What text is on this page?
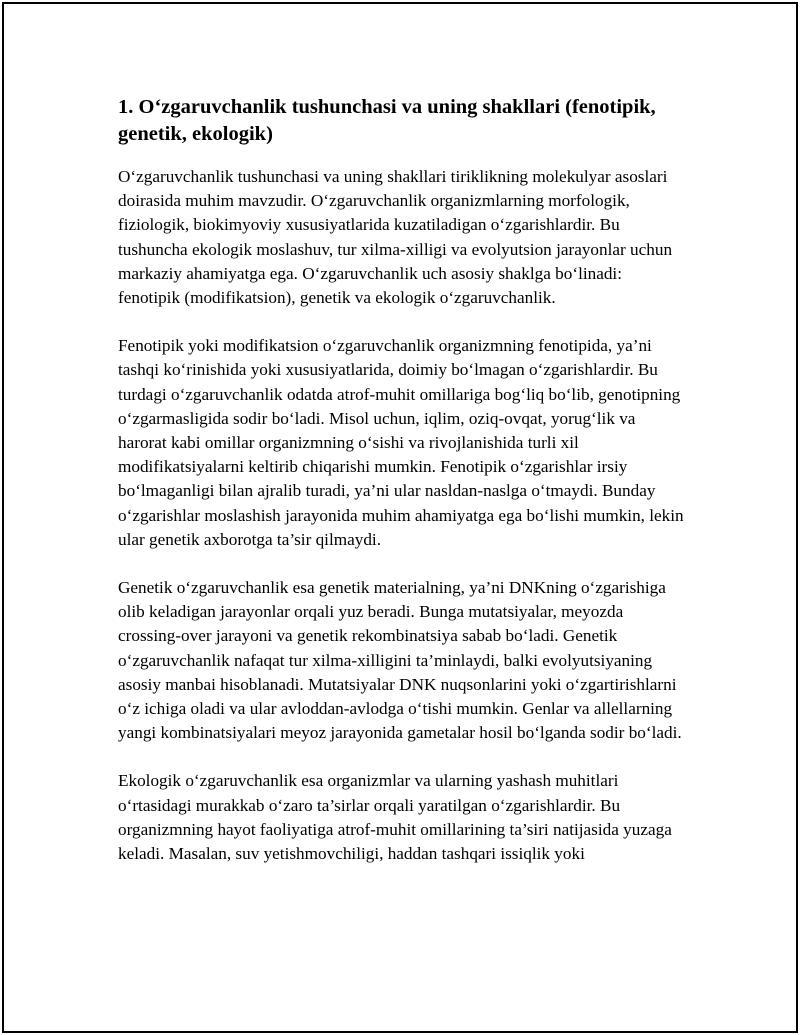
1. O‘zgaruvchanlik tushunchasi va uning shakllari (fenotipik, genetik, ekologik)

O‘zgaruvchanlik tushunchasi va uning shakllari tiriklikning molekulyar asoslari doirasida muhim mavzudir. O‘zgaruvchanlik organizmlarning morfologik, fiziologik, biokimyoviy xususiyatlarida kuzatiladigan o‘zgarishlardir. Bu tushuncha ekologik moslashuv, tur xilma-xilligi va evolyutsion jarayonlar uchun markaziy ahamiyatga ega. O‘zgaruvchanlik uch asosiy shaklga bo‘linadi: fenotipik (modifikatsion), genetik va ekologik o‘zgaruvchanlik.

Fenotipik yoki modifikatsion o‘zgaruvchanlik organizmning fenotipida, ya’ni tashqi ko‘rinishida yoki xususiyatlarida, doimiy bo‘lmagan o‘zgarishlardir. Bu turdagi o‘zgaruvchanlik odatda atrof-muhit omillariga bog‘liq bo‘lib, genotipning o‘zgarmasligida sodir bo‘ladi. Misol uchun, iqlim, oziq-ovqat, yorug‘lik va harorat kabi omillar organizmning o‘sishi va rivojlanishida turli xil modifikatsiyalarni keltirib chiqarishi mumkin. Fenotipik o‘zgarishlar irsiy bo‘lmaganligi bilan ajralib turadi, ya’ni ular nasldan-naslga o‘tmaydi. Bunday o‘zgarishlar moslashish jarayonida muhim ahamiyatga ega bo‘lishi mumkin, lekin ular genetik axborotga ta’sir qilmaydi.

Genetik o‘zgaruvchanlik esa genetik materialning, ya’ni DNKning o‘zgarishiga olib keladigan jarayonlar orqali yuz beradi. Bunga mutatsiyalar, meyozda crossing-over jarayoni va genetik rekombinatsiya sabab bo‘ladi. Genetik o‘zgaruvchanlik nafaqat tur xilma-xilligini ta’minlaydi, balki evolyutsiyaning asosiy manbai hisoblanadi. Mutatsiyalar DNK nuqsonlarini yoki o‘zgartirishlarni o‘z ichiga oladi va ular avloddan-avlodga o‘tishi mumkin. Genlar va allellarning yangi kombinatsiyalari meyoz jarayonida gametalar hosil bo‘lganda sodir bo‘ladi.

Ekologik o‘zgaruvchanlik esa organizmlar va ularning yashash muhitlari o‘rtasidagi murakkab o‘zaro ta’sirlar orqali yaratilgan o‘zgarishlardir. Bu organizmning hayot faoliyatiga atrof-muhit omillarining ta’siri natijasida yuzaga keladi. Masalan, suv yetishmovchiligi, haddan tashqari issiqlik yoki
